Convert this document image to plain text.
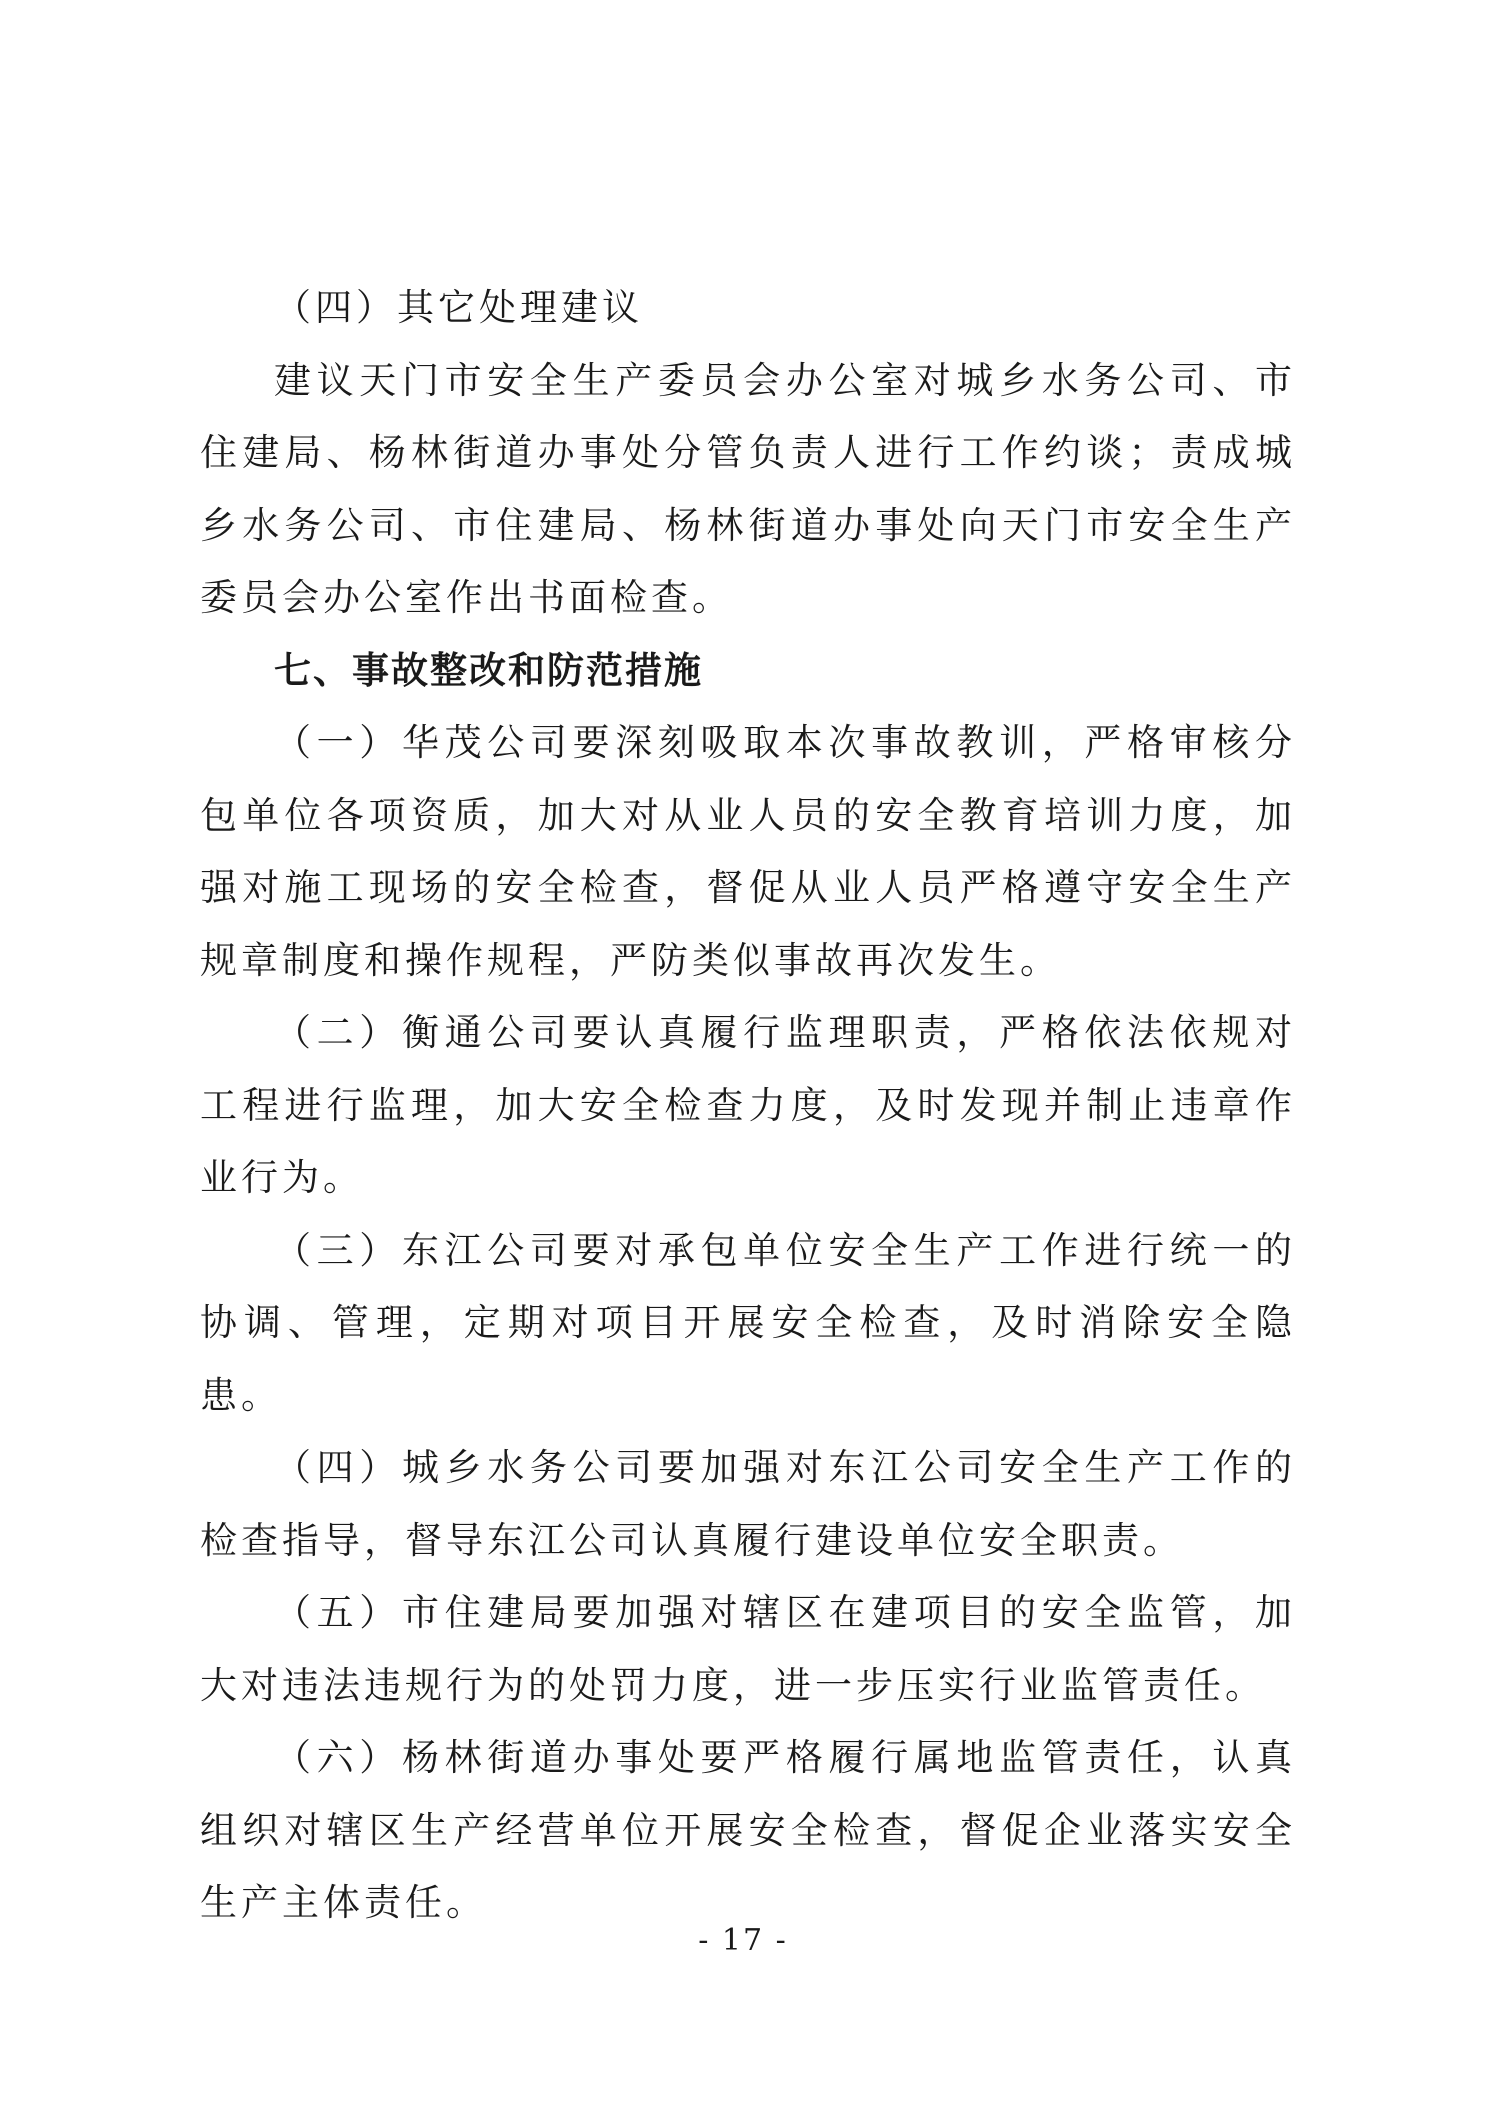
（四）其它处理建议

建议天门市安全生产委员会办公室对城乡水务公司、市住建局、杨林街道办事处分管负责人进行工作约谈；责成城乡水务公司、市住建局、杨林街道办事处向天门市安全生产委员会办公室作出书面检查。

七、事故整改和防范措施

（一）华茂公司要深刻吸取本次事故教训，严格审核分包单位各项资质，加大对从业人员的安全教育培训力度，加强对施工现场的安全检查，督促从业人员严格遵守安全生产规章制度和操作规程，严防类似事故再次发生。

（二）衡通公司要认真履行监理职责，严格依法依规对工程进行监理，加大安全检查力度，及时发现并制止违章作业行为。

（三）东江公司要对承包单位安全生产工作进行统一的协调、管理，定期对项目开展安全检查，及时消除安全隐患。

（四）城乡水务公司要加强对东江公司安全生产工作的检查指导，督导东江公司认真履行建设单位安全职责。

（五）市住建局要加强对辖区在建项目的安全监管，加大对违法违规行为的处罚力度，进一步压实行业监管责任。

（六）杨林街道办事处要严格履行属地监管责任，认真组织对辖区生产经营单位开展安全检查，督促企业落实安全生产主体责任。

- 17 -
